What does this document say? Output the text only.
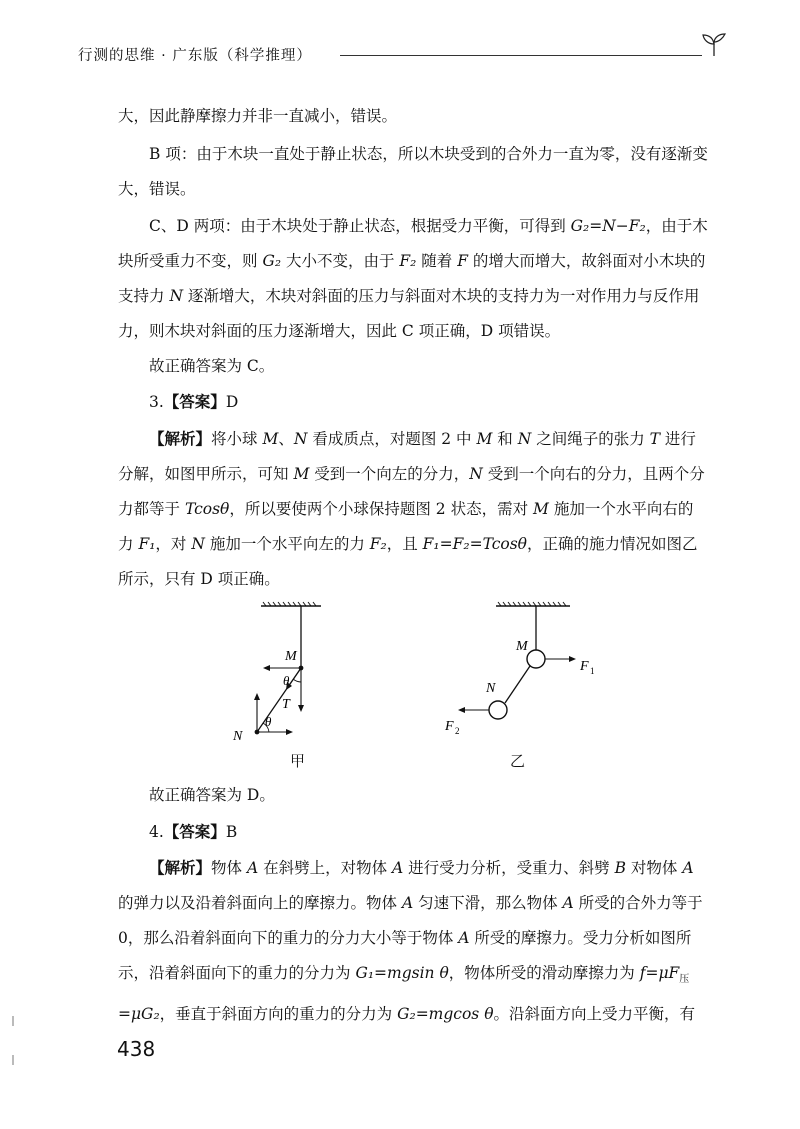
行测的思维 · 广东版（科学推理）

大，因此静摩擦力并非一直减小，错误。

B 项：由于木块一直处于静止状态，所以木块受到的合外力一直为零，没有逐渐变大，错误。

C、D 两项：由于木块处于静止状态，根据受力平衡，可得到 G₂=N−F₂，由于木块所受重力不变，则 G₂ 大小不变，由于 F₂ 随着 F 的增大而增大，故斜面对小木块的支持力 N 逐渐增大，木块对斜面的压力与斜面对木块的支持力为一对作用力与反作用力，则木块对斜面的压力逐渐增大，因此 C 项正确，D 项错误。

故正确答案为 C。

3.【答案】D

【解析】将小球 M、N 看成质点，对题图 2 中 M 和 N 之间绳子的张力 T 进行分解，如图甲所示，可知 M 受到一个向左的分力，N 受到一个向右的分力，且两个分力都等于 Tcosθ，所以要使两个小球保持题图 2 状态，需对 M 施加一个水平向右的力 F₁，对 N 施加一个水平向左的力 F₂，且 F₁=F₂=Tcosθ，正确的施力情况如图乙所示，只有 D 项正确。

M
N
T
θ
θ
甲
M
N
F 1
F 2
乙

故正确答案为 D。

4.【答案】B

【解析】物体 A 在斜劈上，对物体 A 进行受力分析，受重力、斜劈 B 对物体 A 的弹力以及沿着斜面向上的摩擦力。物体 A 匀速下滑，那么物体 A 所受的合外力等于 0，那么沿着斜面向下的重力的分力大小等于物体 A 所受的摩擦力。受力分析如图所示，沿着斜面向下的重力的分力为 G₁=mgsin θ，物体所受的滑动摩擦力为 $f=\mu F_压=\mu G_2$，垂直于斜面方向的重力的分力为 G₂=mgcos θ。沿斜面方向上受力平衡，有

438
